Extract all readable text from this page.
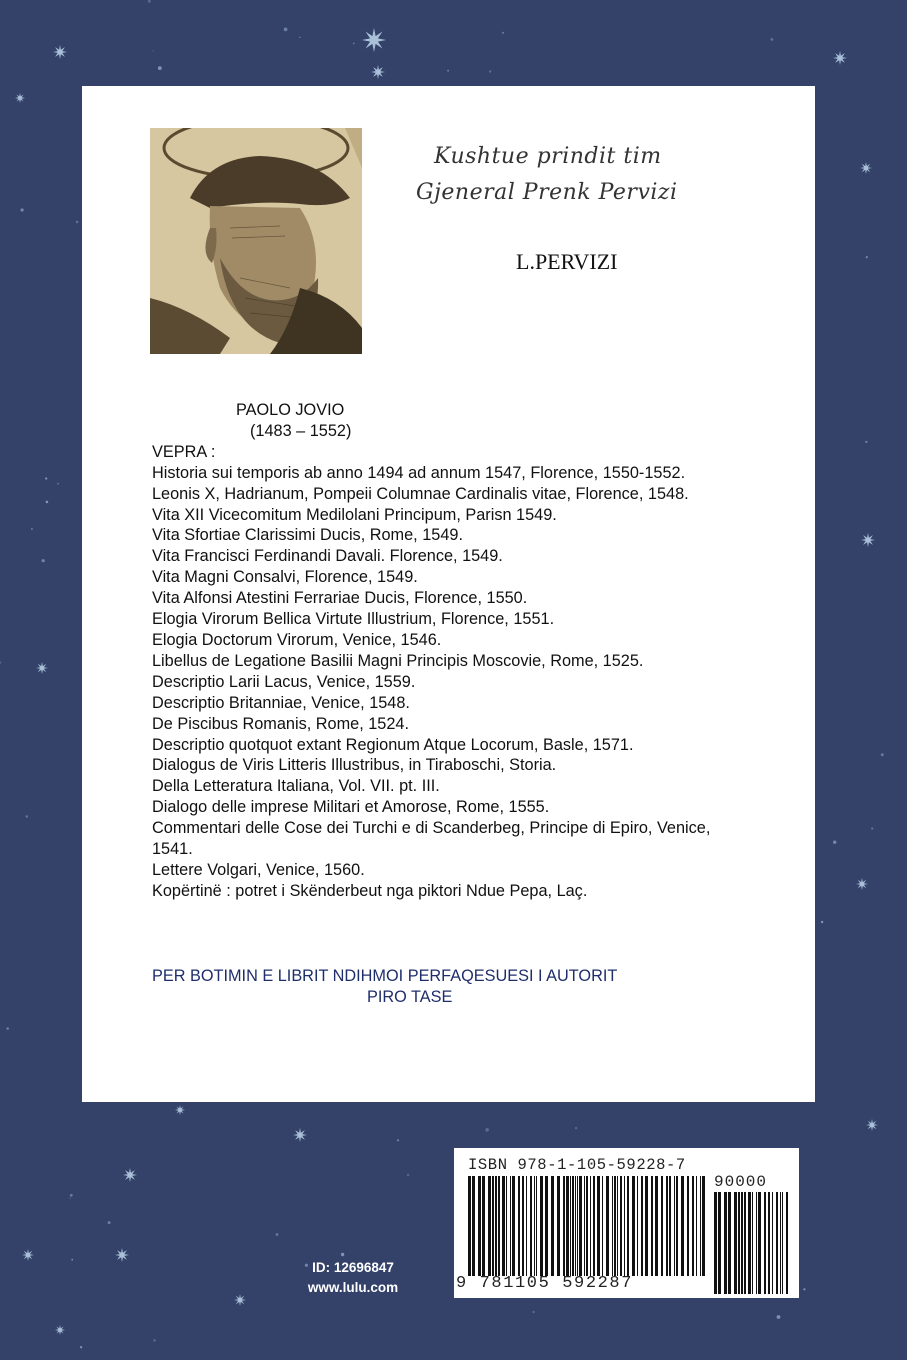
Kushtue prindit tim
Gjeneral Prenk Pervizi
L.PERVIZI
PAOLO JOVIO
(1483 – 1552)
VEPRA :
Historia sui temporis ab anno 1494 ad annum 1547, Florence, 1550-1552.
Leonis X, Hadrianum, Pompeii Columnae Cardinalis vitae, Florence, 1548.
Vita XII Vicecomitum Medilolani Principum, Parisn 1549.
Vita Sfortiae Clarissimi Ducis, Rome, 1549.
Vita Francisci Ferdinandi Davali. Florence, 1549.
Vita Magni Consalvi, Florence, 1549.
Vita Alfonsi Atestini Ferrariae Ducis, Florence, 1550.
Elogia Virorum Bellica Virtute Illustrium, Florence, 1551.
Elogia Doctorum Virorum, Venice, 1546.
Libellus de Legatione Basilii Magni Principis Moscovie, Rome, 1525.
Descriptio Larii Lacus, Venice, 1559.
Descriptio Britanniae, Venice, 1548.
De Piscibus Romanis, Rome, 1524.
Descriptio quotquot extant Regionum Atque Locorum, Basle, 1571.
Dialogus de Viris Litteris Illustribus, in Tiraboschi, Storia.
Della Letteratura Italiana, Vol. VII. pt. III.
Dialogo delle imprese Militari et Amorose, Rome, 1555.
Commentari delle Cose dei Turchi e di Scanderbeg, Principe di Epiro, Venice, 1541.
Lettere Volgari, Venice, 1560.
Kopërtinë : potret i Skënderbeut nga piktori Ndue Pepa, Laç.
PER BOTIMIN E LIBRIT NDIHMOI PERFAQESUESI I AUTORIT
PIRO TASE
ISBN 978-1-105-59228-7
90000
9 781105 592287
ID: 12696847
www.lulu.com
